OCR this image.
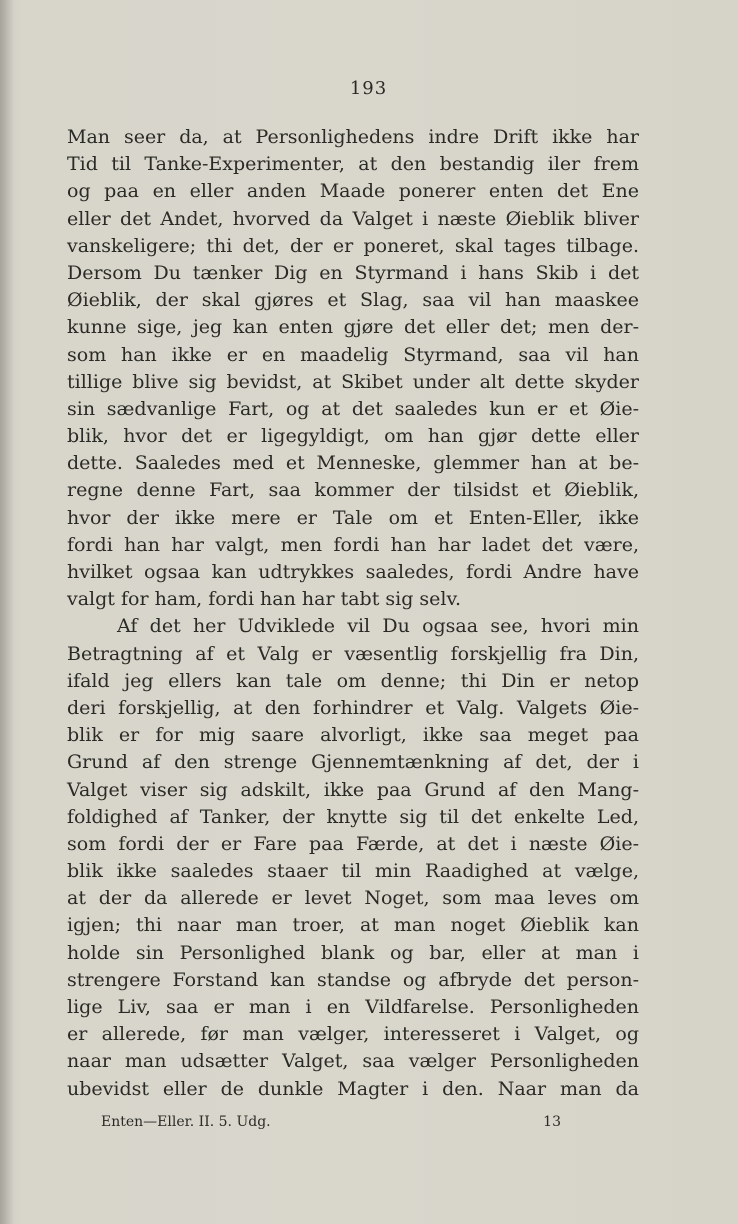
193
Man seer da, at Personlighedens indre Drift ikke har
Tid til Tanke-Experimenter, at den bestandig iler frem
og paa en eller anden Maade ponerer enten det Ene
eller det Andet, hvorved da Valget i næste Øieblik bliver
vanskeligere; thi det, der er poneret, skal tages tilbage.
Dersom Du tænker Dig en Styrmand i hans Skib i det
Øieblik, der skal gjøres et Slag, saa vil han maaskee
kunne sige, jeg kan enten gjøre det eller det; men der-
som han ikke er en maadelig Styrmand, saa vil han
tillige blive sig bevidst, at Skibet under alt dette skyder
sin sædvanlige Fart, og at det saaledes kun er et Øie-
blik, hvor det er ligegyldigt, om han gjør dette eller
dette. Saaledes med et Menneske, glemmer han at be-
regne denne Fart, saa kommer der tilsidst et Øieblik,
hvor der ikke mere er Tale om et Enten-Eller, ikke
fordi han har valgt, men fordi han har ladet det være,
hvilket ogsaa kan udtrykkes saaledes, fordi Andre have
valgt for ham, fordi han har tabt sig selv.
Af det her Udviklede vil Du ogsaa see, hvori min
Betragtning af et Valg er væsentlig forskjellig fra Din,
ifald jeg ellers kan tale om denne; thi Din er netop
deri forskjellig, at den forhindrer et Valg. Valgets Øie-
blik er for mig saare alvorligt, ikke saa meget paa
Grund af den strenge Gjennemtænkning af det, der i
Valget viser sig adskilt, ikke paa Grund af den Mang-
foldighed af Tanker, der knytte sig til det enkelte Led,
som fordi der er Fare paa Færde, at det i næste Øie-
blik ikke saaledes staaer til min Raadighed at vælge,
at der da allerede er levet Noget, som maa leves om
igjen; thi naar man troer, at man noget Øieblik kan
holde sin Personlighed blank og bar, eller at man i
strengere Forstand kan standse og afbryde det person-
lige Liv, saa er man i en Vildfarelse. Personligheden
er allerede, før man vælger, interesseret i Valget, og
naar man udsætter Valget, saa vælger Personligheden
ubevidst eller de dunkle Magter i den. Naar man da
Enten—Eller. II. 5. Udg.	13
